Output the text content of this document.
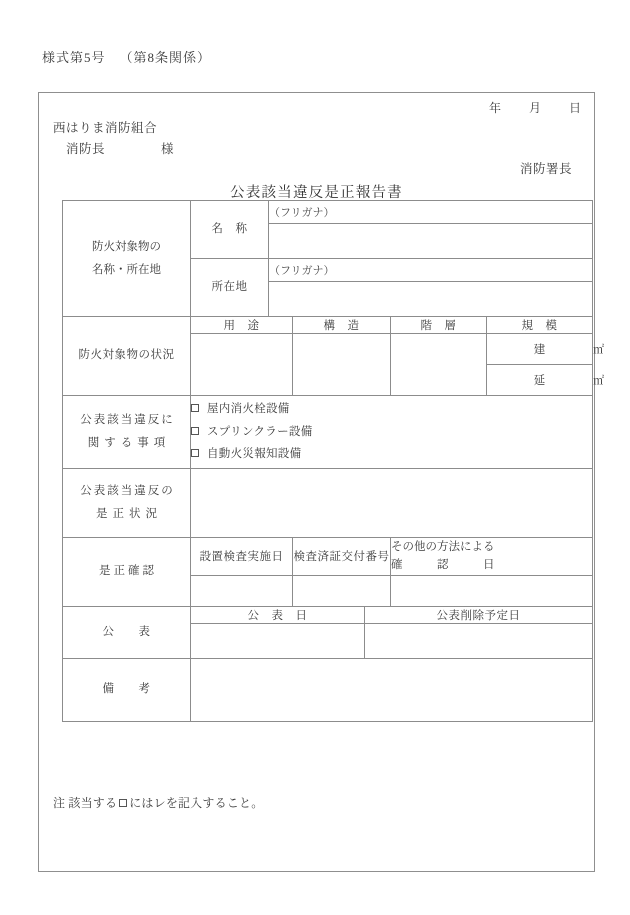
様式第5号 （第8条関係）
年 月 日
西はりま消防組合
消防長	様
消防署長
公表該当違反是正報告書
防火対象物の
名称・所在地	名　称	（フリガナ）					

	所在地	（フリガナ）					

防火対象物の状況	用　途		構　造		階　層	規　模	
						建	㎡
						延	㎡

公表該当違反に
関する事項

屋内消火栓設備
スプリンクラー設備
自動火災報知設備

公表該当違反の
是正状況							

是正確認	設置検査実施日		検査済証交付番号		その他の方法による
確　　　認　　　日		

公　　表	公　表　日			公表削除予定日			

備　　考							
注 該当する にはレを記入すること。
